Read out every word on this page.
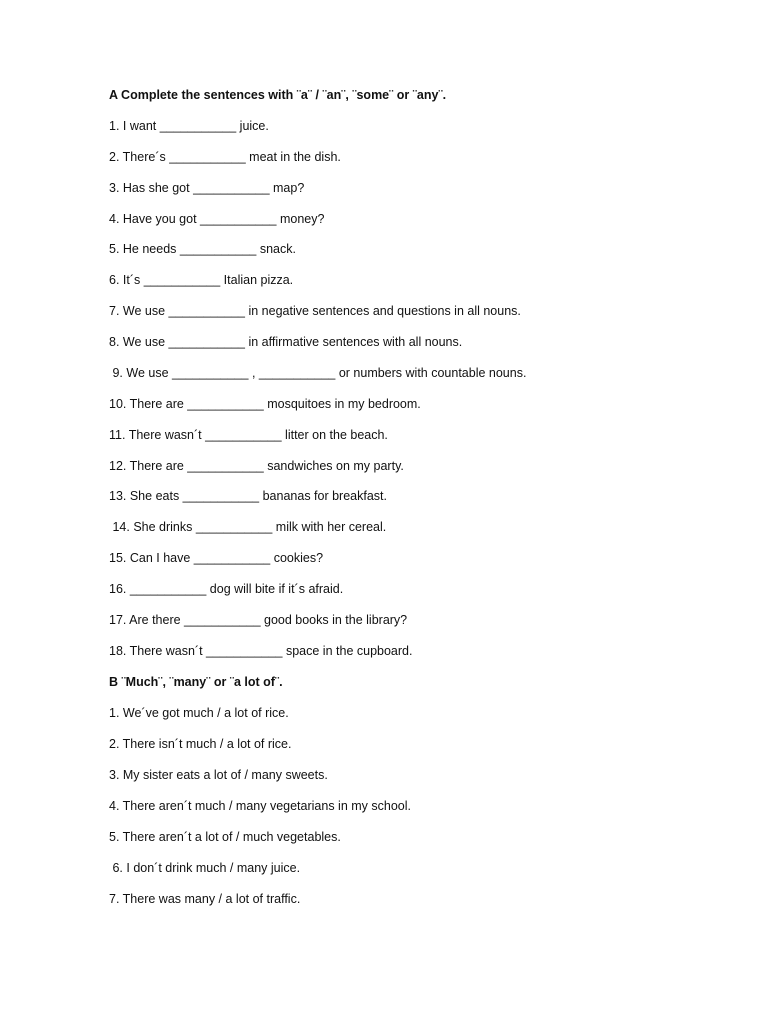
A Complete the sentences with ¨a¨ / ¨an¨, ¨some¨ or ¨any¨.
1. I want ___________ juice.
2. There´s ___________ meat in the dish.
3. Has she got ___________ map?
4. Have you got ___________ money?
5. He needs ___________ snack.
6. It´s ___________ Italian pizza.
7. We use ___________ in negative sentences and questions in all nouns.
8. We use ___________ in affirmative sentences with all nouns.
9. We use ___________ , ___________ or numbers with countable nouns.
10. There are ___________ mosquitoes in my bedroom.
11. There wasn´t ___________ litter on the beach.
12. There are ___________ sandwiches on my party.
13. She eats ___________ bananas for breakfast.
14. She drinks ___________ milk with her cereal.
15. Can I have ___________ cookies?
16. ___________ dog will bite if it´s afraid.
17. Are there ___________ good books in the library?
18. There wasn´t ___________ space in the cupboard.
B ¨Much¨, ¨many¨ or ¨a lot of¨.
1. We´ve got much / a lot of rice.
2. There isn´t much / a lot of rice.
3. My sister eats a lot of / many sweets.
4. There aren´t much / many vegetarians in my school.
5. There aren´t a lot of / much vegetables.
6. I don´t drink much / many juice.
7. There was many / a lot of traffic.
